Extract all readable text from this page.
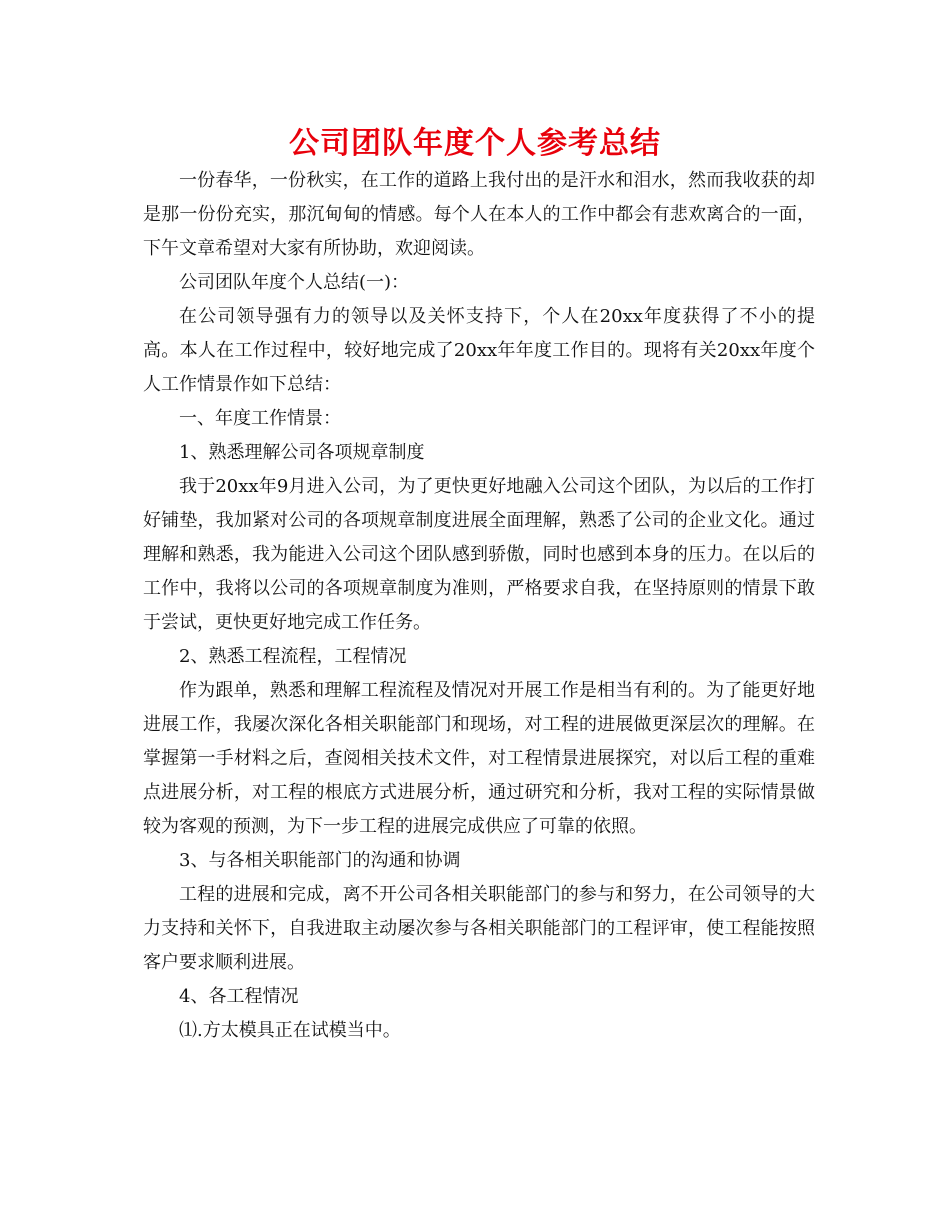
公司团队年度个人参考总结

一份春华，一份秋实，在工作的道路上我付出的是汗水和泪水，然而我收获的却是那一份份充实，那沉甸甸的情感。每个人在本人的工作中都会有悲欢离合的一面，下午文章希望对大家有所协助，欢迎阅读。

公司团队年度个人总结(一)：

在公司领导强有力的领导以及关怀支持下，个人在20xx年度获得了不小的提高。本人在工作过程中，较好地完成了20xx年年度工作目的。现将有关20xx年度个人工作情景作如下总结：

一、年度工作情景：

1、熟悉理解公司各项规章制度

我于20xx年9月进入公司，为了更快更好地融入公司这个团队，为以后的工作打好铺垫，我加紧对公司的各项规章制度进展全面理解，熟悉了公司的企业文化。通过理解和熟悉，我为能进入公司这个团队感到骄傲，同时也感到本身的压力。在以后的工作中，我将以公司的各项规章制度为准则，严格要求自我，在坚持原则的情景下敢于尝试，更快更好地完成工作任务。

2、熟悉工程流程，工程情况

作为跟单，熟悉和理解工程流程及情况对开展工作是相当有利的。为了能更好地进展工作，我屡次深化各相关职能部门和现场，对工程的进展做更深层次的理解。在掌握第一手材料之后，查阅相关技术文件，对工程情景进展探究，对以后工程的重难点进展分析，对工程的根底方式进展分析，通过研究和分析，我对工程的实际情景做较为客观的预测，为下一步工程的进展完成供应了可靠的依照。

3、与各相关职能部门的沟通和协调

工程的进展和完成，离不开公司各相关职能部门的参与和努力，在公司领导的大力支持和关怀下，自我进取主动屡次参与各相关职能部门的工程评审，使工程能按照客户要求顺利进展。

4、各工程情况

⑴.方太模具正在试模当中。
